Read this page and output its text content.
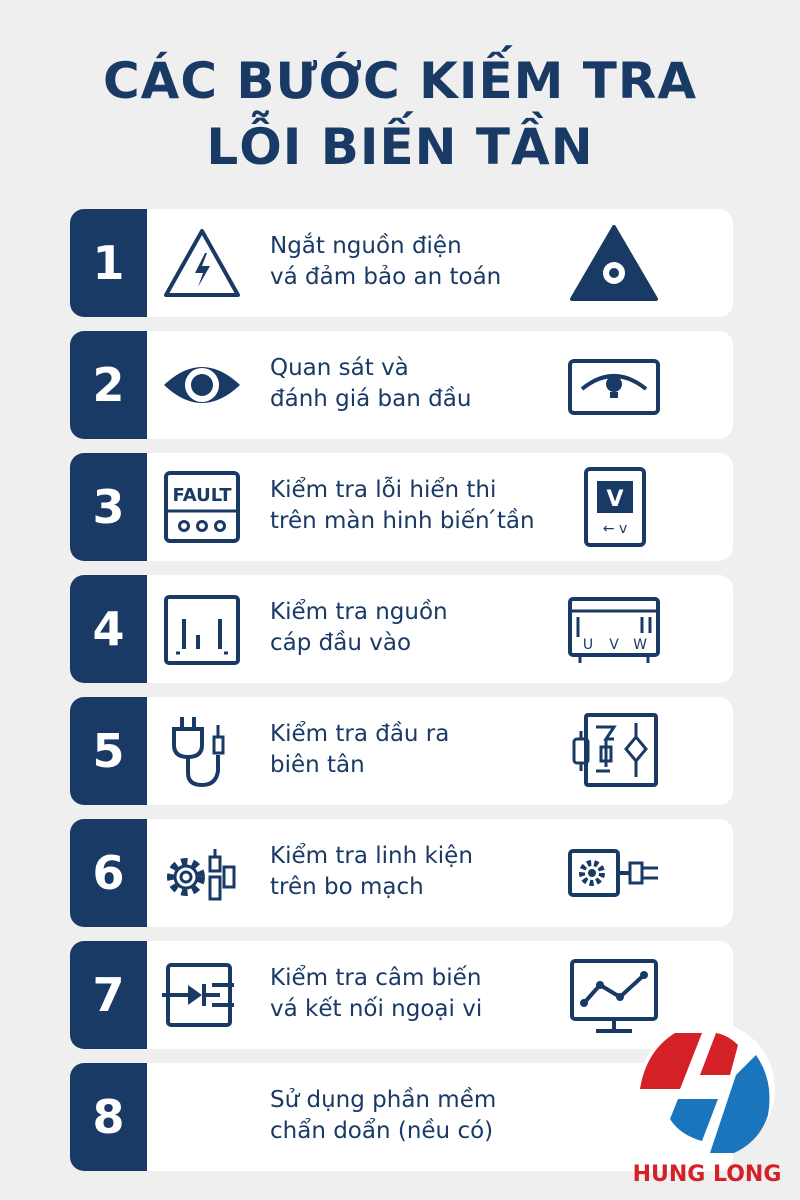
CÁC BƯỚC KIẾM TRA
LỖI BIẾN TẦN
1	Ngắt nguồn điện
vá đảm bảo an toán
2	Quan sát và
đánh giá ban đầu
3	FAULT Kiểm tra lỗi hiển thi
trên màn hinh biến ́tần
V
← v
4	Kiểm tra nguồn
cáp đầu vào	U V W
5	Kiểm tra đầu ra
biên tân
6	Kiểm tra linh kiện
trên bo mạch
7	Kiểm tra câm biến
vá kết nối ngoại vi
8	Sử dụng phần mềm
chẩn doẩn (nều có)
HUNG LONG
